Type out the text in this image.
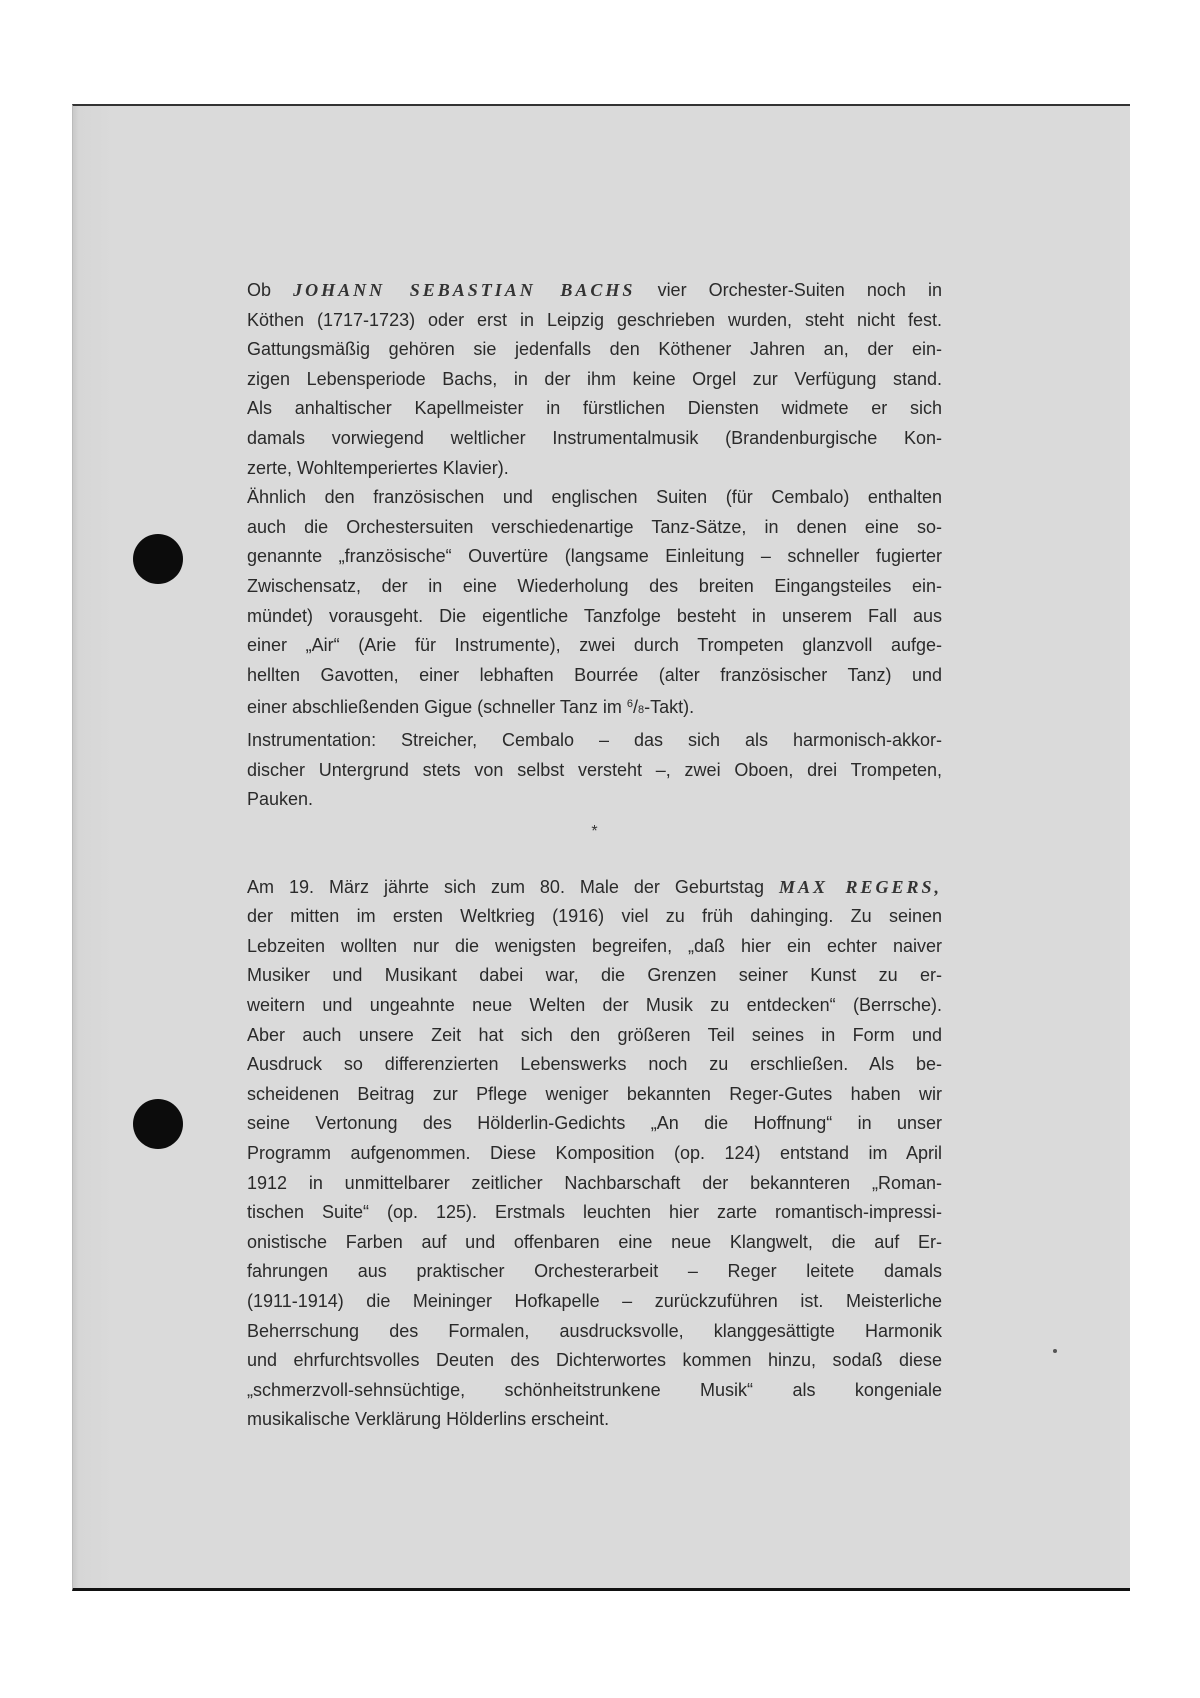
Ob JOHANN SEBASTIAN BACHS vier Orchester-Suiten noch in
Köthen (1717-1723) oder erst in Leipzig geschrieben wurden, steht nicht fest.
Gattungsmäßig gehören sie jedenfalls den Köthener Jahren an, der ein-
zigen Lebensperiode Bachs, in der ihm keine Orgel zur Verfügung stand.
Als anhaltischer Kapellmeister in fürstlichen Diensten widmete er sich
damals vorwiegend weltlicher Instrumentalmusik (Brandenburgische Kon-
zerte, Wohltemperiertes Klavier).
Ähnlich den französischen und englischen Suiten (für Cembalo) enthalten
auch die Orchestersuiten verschiedenartige Tanz-Sätze, in denen eine so-
genannte „französische“ Ouvertüre (langsame Einleitung – schneller fugierter
Zwischensatz, der in eine Wiederholung des breiten Eingangsteiles ein-
mündet) vorausgeht. Die eigentliche Tanzfolge besteht in unserem Fall aus
einer „Air“ (Arie für Instrumente), zwei durch Trompeten glanzvoll aufge-
hellten Gavotten, einer lebhaften Bourrée (alter französischer Tanz) und
einer abschließenden Gigue (schneller Tanz im $^6$/8-Takt).
Instrumentation: Streicher, Cembalo – das sich als harmonisch-akkor-
discher Untergrund stets von selbst versteht –, zwei Oboen, drei Trompeten,
Pauken.
*
Am 19. März jährte sich zum 80. Male der Geburtstag MAX REGERS,
der mitten im ersten Weltkrieg (1916) viel zu früh dahinging. Zu seinen
Lebzeiten wollten nur die wenigsten begreifen, „daß hier ein echter naiver
Musiker und Musikant dabei war, die Grenzen seiner Kunst zu er-
weitern und ungeahnte neue Welten der Musik zu entdecken“ (Berrsche).
Aber auch unsere Zeit hat sich den größeren Teil seines in Form und
Ausdruck so differenzierten Lebenswerks noch zu erschließen. Als be-
scheidenen Beitrag zur Pflege weniger bekannten Reger-Gutes haben wir
seine Vertonung des Hölderlin-Gedichts „An die Hoffnung“ in unser
Programm aufgenommen. Diese Komposition (op. 124) entstand im April
1912 in unmittelbarer zeitlicher Nachbarschaft der bekannteren „Roman-
tischen Suite“ (op. 125). Erstmals leuchten hier zarte romantisch-impressi-
onistische Farben auf und offenbaren eine neue Klangwelt, die auf Er-
fahrungen aus praktischer Orchesterarbeit – Reger leitete damals
(1911-1914) die Meininger Hofkapelle – zurückzuführen ist. Meisterliche
Beherrschung des Formalen, ausdrucksvolle, klanggesättigte Harmonik
und ehrfurchtsvolles Deuten des Dichterwortes kommen hinzu, sodaß diese
„schmerzvoll-sehnsüchtige, schönheitstrunkene Musik“ als kongeniale
musikalische Verklärung Hölderlins erscheint.
